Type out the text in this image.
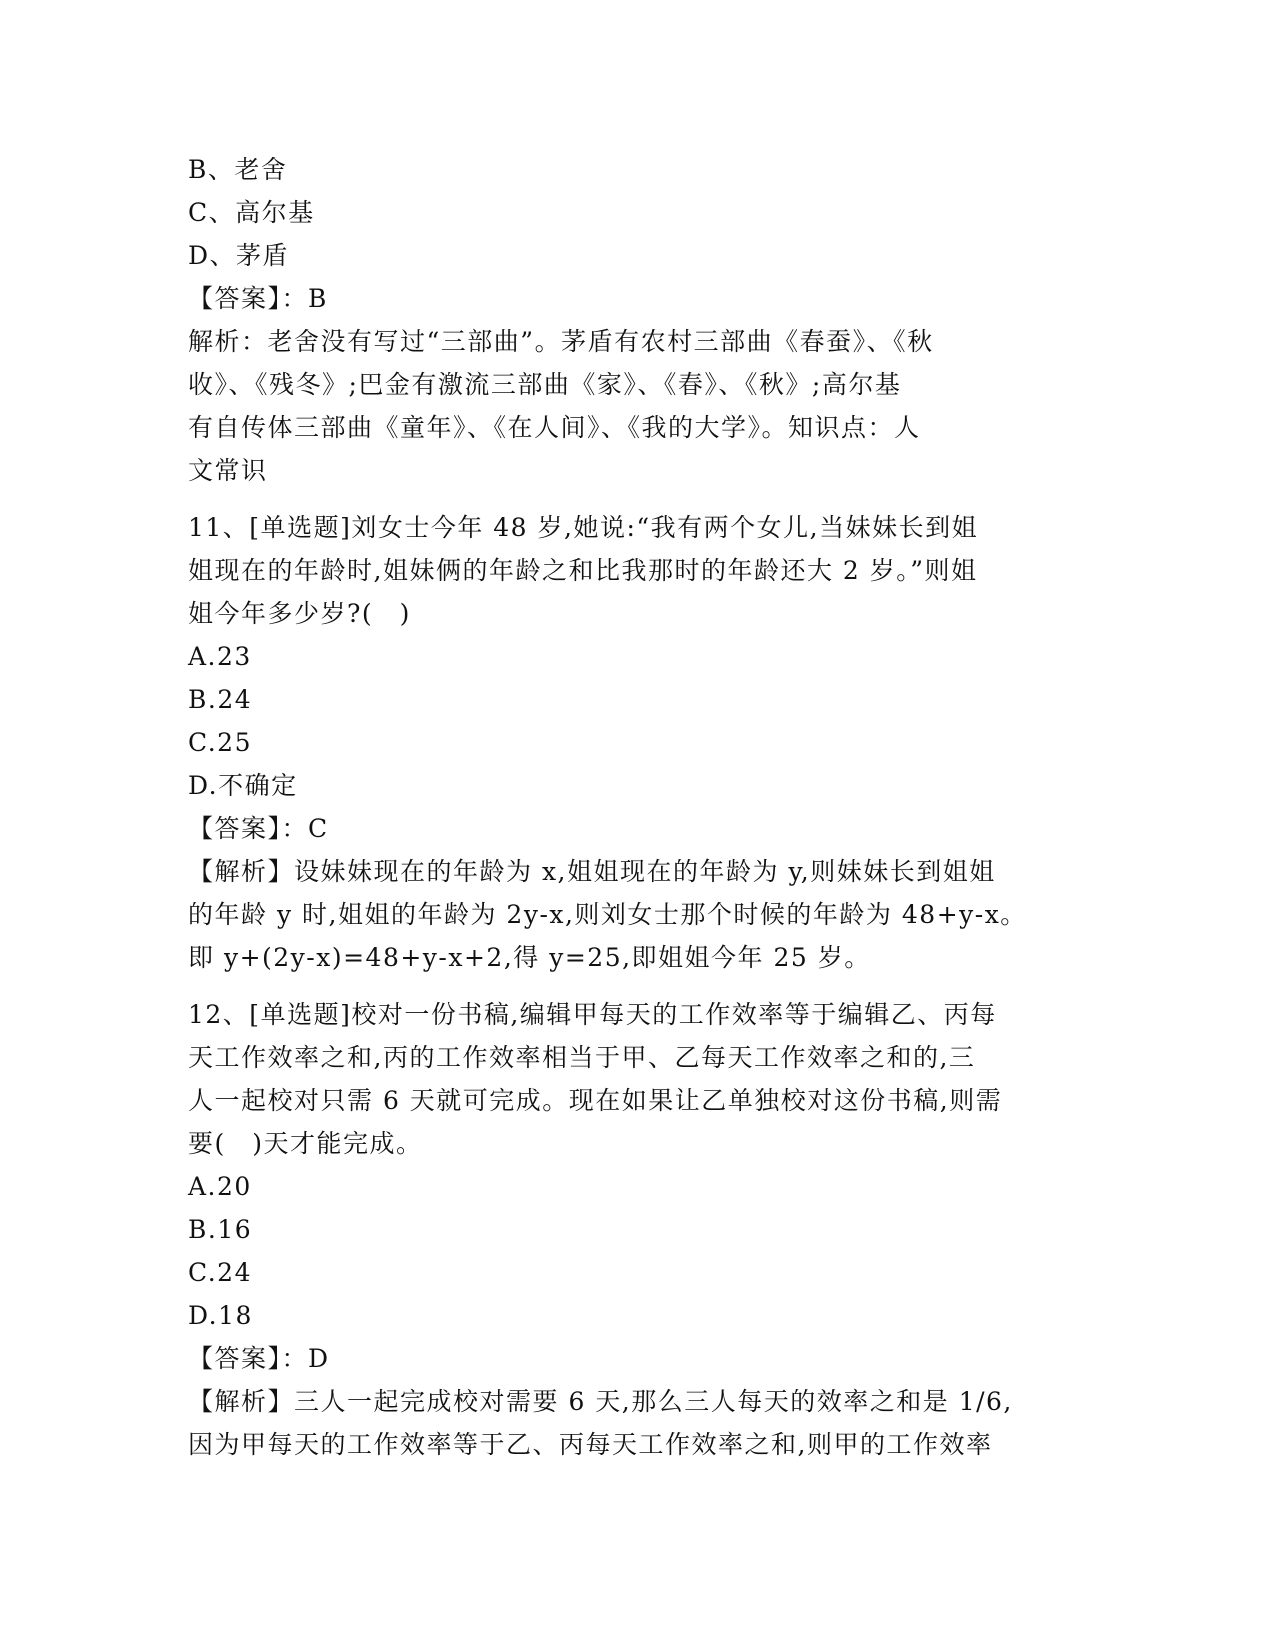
B、老舍
C、高尔基
D、茅盾
【答案】：B
解析：老舍没有写过“三部曲”。茅盾有农村三部曲《春蚕》、《秋
收》、《残冬》;巴金有激流三部曲《家》、《春》、《秋》;高尔基
有自传体三部曲《童年》、《在人间》、《我的大学》。知识点：人
文常识
11、[单选题]刘女士今年 48 岁,她说:“我有两个女儿,当妹妹长到姐
姐现在的年龄时,姐妹俩的年龄之和比我那时的年龄还大 2 岁。”则姐
姐今年多少岁?(　)
A.23
B.24
C.25
D.不确定
【答案】：C
【解析】设妹妹现在的年龄为 x,姐姐现在的年龄为 y,则妹妹长到姐姐
的年龄 y 时,姐姐的年龄为 2y-x,则刘女士那个时候的年龄为 48+y-x。
即 y+(2y-x)=48+y-x+2,得 y=25,即姐姐今年 25 岁。
12、[单选题]校对一份书稿,编辑甲每天的工作效率等于编辑乙、丙每
天工作效率之和,丙的工作效率相当于甲、乙每天工作效率之和的,三
人一起校对只需 6 天就可完成。现在如果让乙单独校对这份书稿,则需
要(　)天才能完成。
A.20
B.16
C.24
D.18
【答案】：D
【解析】三人一起完成校对需要 6 天,那么三人每天的效率之和是 1/6,
因为甲每天的工作效率等于乙、丙每天工作效率之和,则甲的工作效率
